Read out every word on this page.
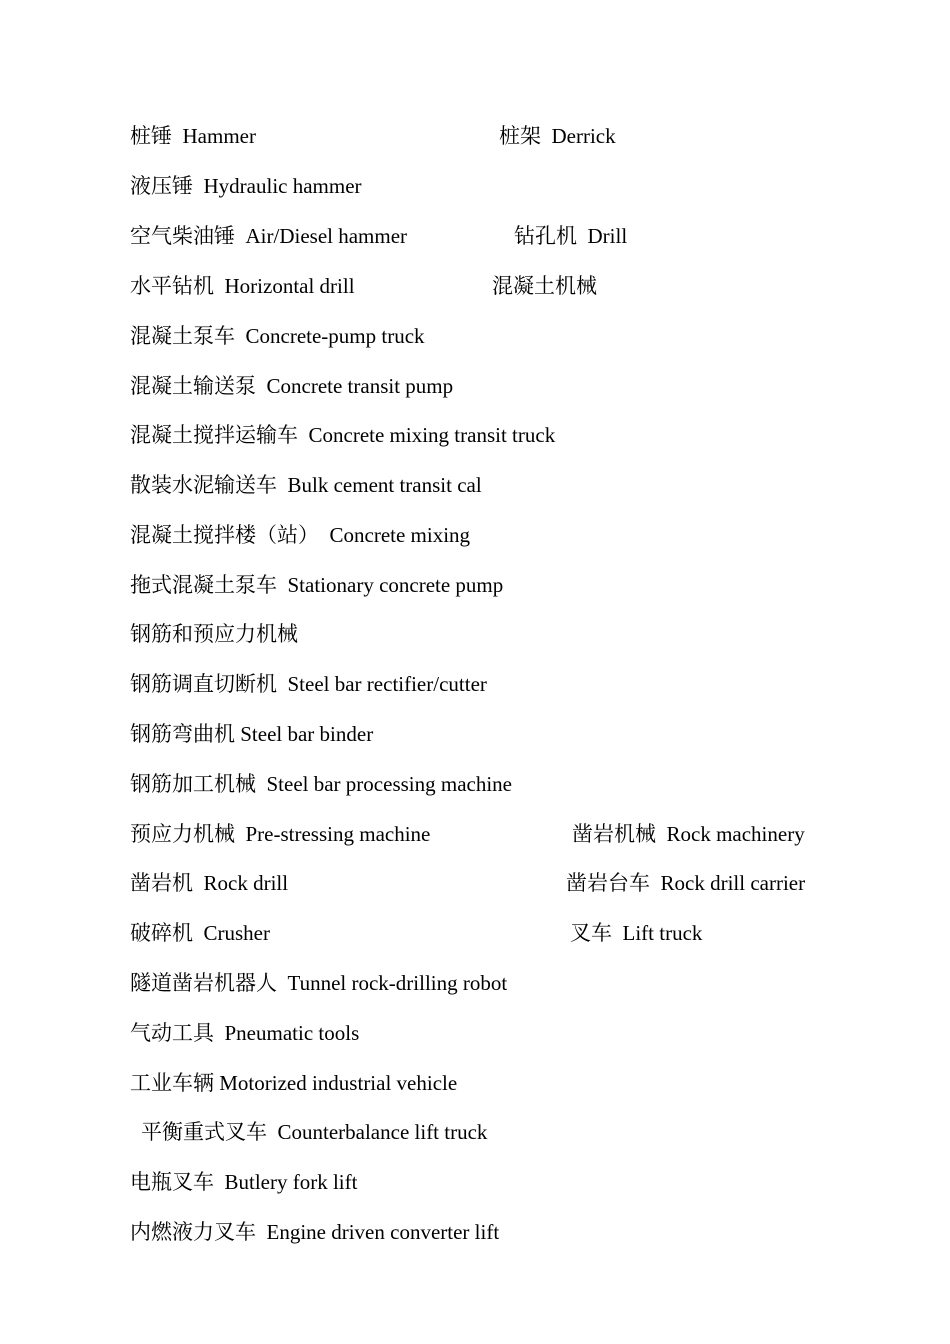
桩锤  Hammer	桩架  Derrick
液压锤  Hydraulic hammer
空气柴油锤  Air/Diesel hammer	钻孔机  Drill
水平钻机  Horizontal drill	混凝土机械
混凝土泵车  Concrete-pump truck
混凝土输送泵  Concrete transit pump
混凝土搅拌运输车  Concrete mixing transit truck
散装水泥输送车  Bulk cement transit cal
混凝土搅拌楼（站）  Concrete mixing
拖式混凝土泵车  Stationary concrete pump
钢筋和预应力机械
钢筋调直切断机  Steel bar rectifier/cutter
钢筋弯曲机 Steel bar binder
钢筋加工机械  Steel bar processing machine
预应力机械  Pre-stressing machine	凿岩机械  Rock machinery
凿岩机  Rock drill	凿岩台车  Rock drill carrier
破碎机  Crusher	叉车  Lift truck
隧道凿岩机器人  Tunnel rock-drilling robot
气动工具  Pneumatic tools
工业车辆 Motorized industrial vehicle
平衡重式叉车  Counterbalance lift truck
电瓶叉车  Butlery fork lift
内燃液力叉车  Engine driven converter lift
